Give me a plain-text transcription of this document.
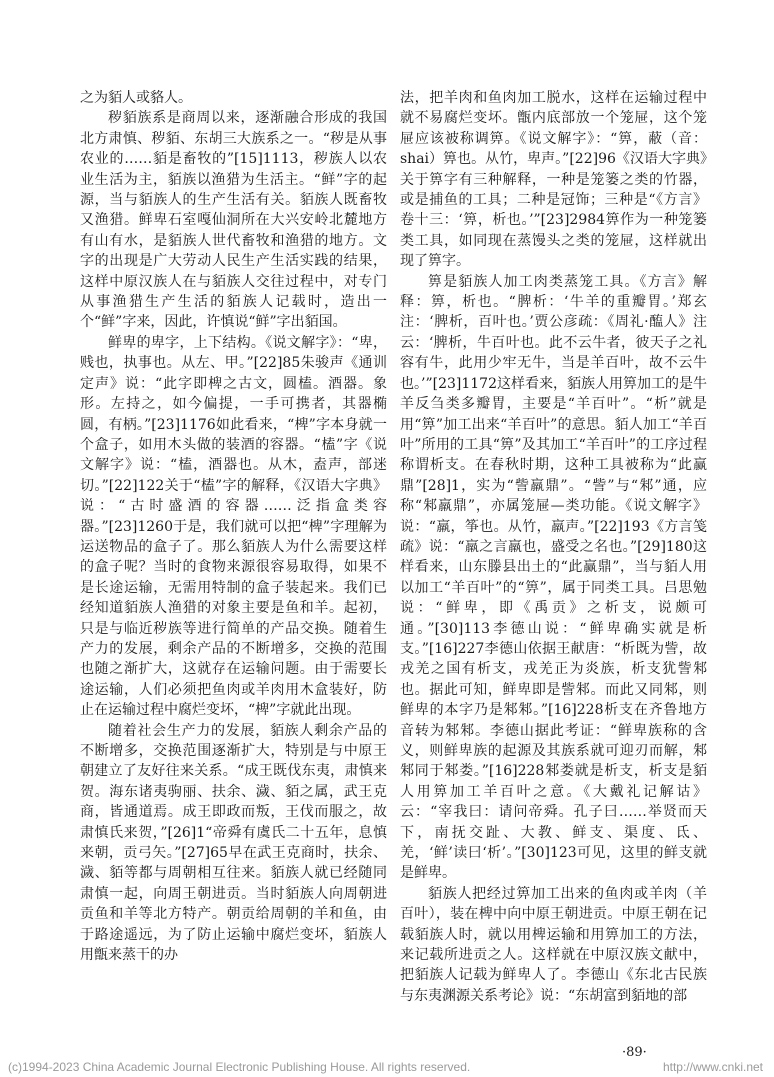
之为貊人或貉人。

秽貊族系是商周以来，逐渐融合形成的我国北方肃慎、秽貊、东胡三大族系之一。“秽是从事农业的……貊是畜牧的”[15]1113，秽族人以农业生活为主，貊族以渔猎为生活主。“鲜”字的起源，当与貊族人的生产生活有关。貊族人既畜牧又渔猎。鲜卑石室嘎仙洞所在大兴安岭北麓地方有山有水，是貊族人世代畜牧和渔猎的地方。文字的出现是广大劳动人民生产生活实践的结果，这样中原汉族人在与貊族人交往过程中，对专门从事渔猎生产生活的貊族人记载时，造出一个“鲜”字来，因此，许慎说“鲜”字出貊国。

鲜卑的卑字，上下结构。《说文解字》：“卑，贱也，执事也。从左、甲。”[22]85朱骏声《通训定声》说：“此字即椑之古文，圆榼。酒器。象形。左持之，如今偏提，一手可携者，其器椭圆，有柄。”[23]1176如此看来，“椑”字本身就一个盒子，如用木头做的装酒的容器。“榼”字《说文解字》说：“榼，酒器也。从木，盍声，部迷切。”[22]122关于“榼”字的解释，《汉语大字典》说：“古时盛酒的容器……泛指盒类容器。”[23]1260于是，我们就可以把“椑”字理解为运送物品的盒子了。那么貊族人为什么需要这样的盒子呢？当时的食物来源很容易取得，如果不是长途运输，无需用特制的盒子装起来。我们已经知道貊族人渔猎的对象主要是鱼和羊。起初，只是与临近秽族等进行简单的产品交换。随着生产力的发展，剩余产品的不断增多，交换的范围也随之渐扩大，这就存在运输问题。由于需要长途运输，人们必须把鱼肉或羊肉用木盒装好，防止在运输过程中腐烂变坏，“椑”字就此出现。

随着社会生产力的发展，貊族人剩余产品的不断增多，交换范围逐渐扩大，特别是与中原王朝建立了友好往来关系。“成王既伐东夷，肃慎来贺。海东诸夷驹丽、扶余、濊、貊之属，武王克商，皆通道焉。成王即政而叛，王伐而服之，故肃慎氏来贺，”[26]1“帝舜有虞氏二十五年，息慎来朝，贡弓矢。”[27]65早在武王克商时，扶余、濊、貊等都与周朝相互往来。貊族人就已经随同肃慎一起，向周王朝进贡。当时貊族人向周朝进贡鱼和羊等北方特产。朝贡给周朝的羊和鱼，由于路途遥远，为了防止运输中腐烂变坏，貊族人用甑来蒸干的办

法，把羊肉和鱼肉加工脱水，这样在运输过程中就不易腐烂变坏。甑内底部放一个笼屉，这个笼屉应该被称调箅。《说文解字》：“箅，蔽（音：shai）箅也。从竹，卑声。”[22]96《汉语大字典》关于箅字有三种解释，一种是笼篓之类的竹器，或是捕鱼的工具；二种是冠饰；三种是“《方言》卷十三：‘箅，析也。’”[23]2984箅作为一种笼篓类工具，如同现在蒸馒头之类的笼屉，这样就出现了箅字。

箅是貊族人加工肉类蒸笼工具。《方言》解释：箅，析也。“脾析：‘牛羊的重瓣胃。’郑玄注：‘脾析，百叶也。’贾公彦疏：《周礼·醢人》注云：‘脾析，牛百叶也。此不云牛者，彼天子之礼容有牛，此用少牢无牛，当是羊百叶，故不云牛也。’”[23]1172这样看来，貊族人用箅加工的是牛羊反刍类多瓣胃，主要是“羊百叶”。“析”就是用“箅”加工出来“羊百叶”的意思。貊人加工“羊百叶”所用的工具“箅”及其加工“羊百叶”的工序过程称谓析支。在春秋时期，这种工具被称为“此赢鼎”[28]1，实为“訾羸鼎”。“訾”与“邾”通，应称“邾羸鼎”，亦属笼屉—类功能。《说文解字》说：“羸，筝也。从竹，羸声。”[22]193《方言笺疏》说：“羸之言羸也，盛受之名也。”[29]180这样看来，山东滕县出土的“此赢鼎”，当与貊人用以加工“羊百叶”的“箅”，属于同类工具。吕思勉说：“鲜卑，即《禹贡》之析支，说颇可通。”[30]113李德山说：“鲜卑确实就是析支。”[16]227李德山依据王献唐：“析既为訾，故戎羌之国有析支，戎羌正为炎族，析支犹訾邾也。据此可知，鲜卑即是訾邾。而此又同邾，则鲜卑的本字乃是邾邾。”[16]228析支在齐鲁地方音转为邾邾。李德山据此考证：“鲜卑族称的含义，则鲜卑族的起源及其族系就可迎刃而解，邾邾同于邾娄。”[16]228邾娄就是析支，析支是貊人用箅加工羊百叶之意。《大戴礼记解诂》云：“宰我曰：请问帝舜。孔子曰……举贤而天下，南抚交趾、大教、鲜支、渠度、氐、羌，‘鲜’读曰‘析’。”[30]123可见，这里的鲜支就是鲜卑。

貊族人把经过箅加工出来的鱼肉或羊肉（羊百叶），装在椑中向中原王朝进贡。中原王朝在记载貊族人时，就以用椑运输和用箅加工的方法，来记载所进贡之人。这样就在中原汉族文献中，把貊族人记载为鲜卑人了。李德山《东北古民族与东夷渊源关系考论》说：“东胡富到貊地的部

·89·
(c)1994-2023 China Academic Journal Electronic Publishing House. All rights reserved.	http://www.cnki.net
